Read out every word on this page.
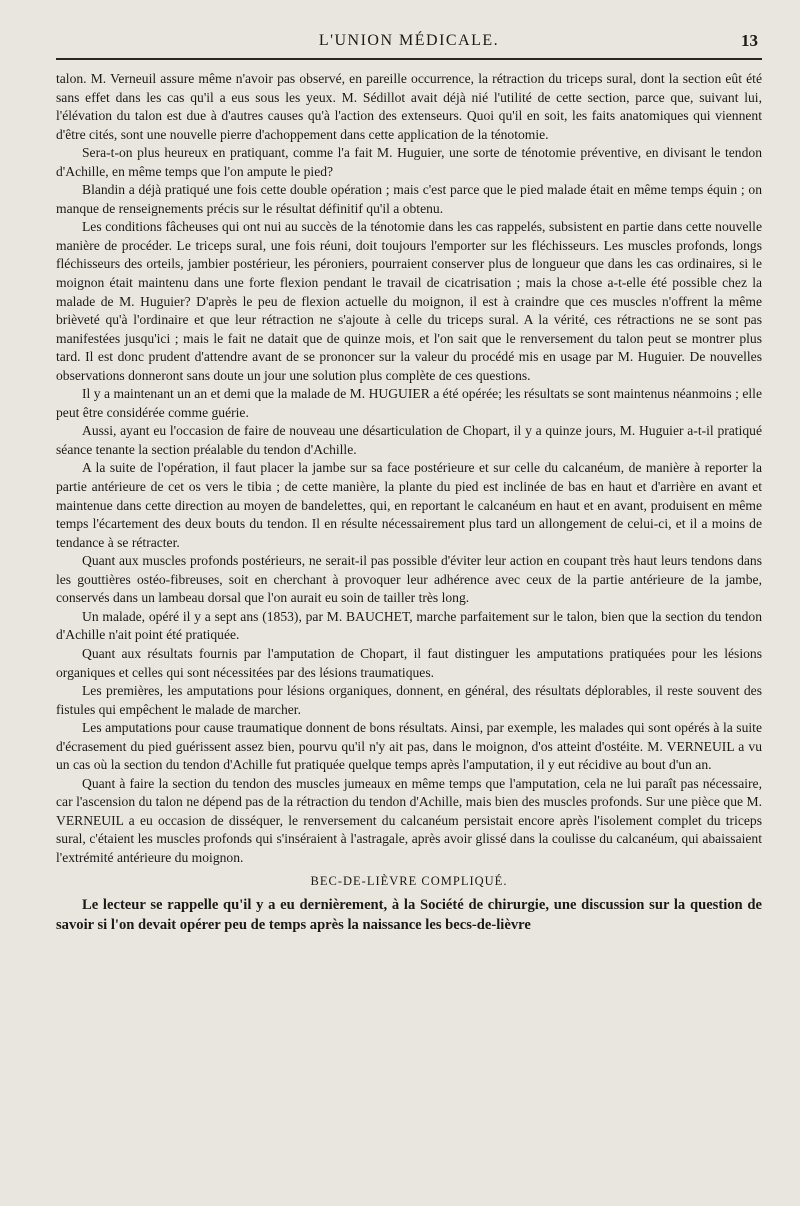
L'UNION MÉDICALE.	13

talon. M. Verneuil assure même n'avoir pas observé, en pareille occurrence, la rétraction du triceps sural, dont la section eût été sans effet dans les cas qu'il a eus sous les yeux. M. Sédillot avait déjà nié l'utilité de cette section, parce que, suivant lui, l'élévation du talon est due à d'autres causes qu'à l'action des extenseurs. Quoi qu'il en soit, les faits anatomiques qui viennent d'être cités, sont une nouvelle pierre d'achoppement dans cette application de la ténotomie.

Sera-t-on plus heureux en pratiquant, comme l'a fait M. Huguier, une sorte de ténotomie préventive, en divisant le tendon d'Achille, en même temps que l'on ampute le pied?

Blandin a déjà pratiqué une fois cette double opération ; mais c'est parce que le pied malade était en même temps équin ; on manque de renseignements précis sur le résultat définitif qu'il a obtenu.

Les conditions fâcheuses qui ont nui au succès de la ténotomie dans les cas rappelés, subsistent en partie dans cette nouvelle manière de procéder. Le triceps sural, une fois réuni, doit toujours l'emporter sur les fléchisseurs. Les muscles profonds, longs fléchisseurs des orteils, jambier postérieur, les péroniers, pourraient conserver plus de longueur que dans les cas ordinaires, si le moignon était maintenu dans une forte flexion pendant le travail de cicatrisation ; mais la chose a-t-elle été possible chez la malade de M. Huguier? D'après le peu de flexion actuelle du moignon, il est à craindre que ces muscles n'offrent la même brièveté qu'à l'ordinaire et que leur rétraction ne s'ajoute à celle du triceps sural. A la vérité, ces rétractions ne se sont pas manifestées jusqu'ici ; mais le fait ne datait que de quinze mois, et l'on sait que le renversement du talon peut se montrer plus tard. Il est donc prudent d'attendre avant de se prononcer sur la valeur du procédé mis en usage par M. Huguier. De nouvelles observations donneront sans doute un jour une solution plus complète de ces questions.

Il y a maintenant un an et demi que la malade de M. HUGUIER a été opérée; les résultats se sont maintenus néanmoins ; elle peut être considérée comme guérie.

Aussi, ayant eu l'occasion de faire de nouveau une désarticulation de Chopart, il y a quinze jours, M. Huguier a-t-il pratiqué séance tenante la section préalable du tendon d'Achille.

A la suite de l'opération, il faut placer la jambe sur sa face postérieure et sur celle du calcanéum, de manière à reporter la partie antérieure de cet os vers le tibia ; de cette manière, la plante du pied est inclinée de bas en haut et d'arrière en avant et maintenue dans cette direction au moyen de bandelettes, qui, en reportant le calcanéum en haut et en avant, produisent en même temps l'écartement des deux bouts du tendon. Il en résulte nécessairement plus tard un allongement de celui-ci, et il a moins de tendance à se rétracter.

Quant aux muscles profonds postérieurs, ne serait-il pas possible d'éviter leur action en coupant très haut leurs tendons dans les gouttières ostéo-fibreuses, soit en cherchant à provoquer leur adhérence avec ceux de la partie antérieure de la jambe, conservés dans un lambeau dorsal que l'on aurait eu soin de tailler très long.

Un malade, opéré il y a sept ans (1853), par M. BAUCHET, marche parfaitement sur le talon, bien que la section du tendon d'Achille n'ait point été pratiquée.

Quant aux résultats fournis par l'amputation de Chopart, il faut distinguer les amputations pratiquées pour les lésions organiques et celles qui sont nécessitées par des lésions traumatiques.

Les premières, les amputations pour lésions organiques, donnent, en général, des résultats déplorables, il reste souvent des fistules qui empêchent le malade de marcher.

Les amputations pour cause traumatique donnent de bons résultats. Ainsi, par exemple, les malades qui sont opérés à la suite d'écrasement du pied guérissent assez bien, pourvu qu'il n'y ait pas, dans le moignon, d'os atteint d'ostéite. M. VERNEUIL a vu un cas où la section du tendon d'Achille fut pratiquée quelque temps après l'amputation, il y eut récidive au bout d'un an.

Quant à faire la section du tendon des muscles jumeaux en même temps que l'amputation, cela ne lui paraît pas nécessaire, car l'ascension du talon ne dépend pas de la rétraction du tendon d'Achille, mais bien des muscles profonds. Sur une pièce que M. VERNEUIL a eu occasion de disséquer, le renversement du calcanéum persistait encore après l'isolement complet du triceps sural, c'étaient les muscles profonds qui s'inséraient à l'astragale, après avoir glissé dans la coulisse du calcanéum, qui abaissaient l'extrémité antérieure du moignon.

BEC-DE-LIÈVRE COMPLIQUÉ.

Le lecteur se rappelle qu'il y a eu dernièrement, à la Société de chirurgie, une discussion sur la question de savoir si l'on devait opérer peu de temps après la naissance les becs-de-lièvre
